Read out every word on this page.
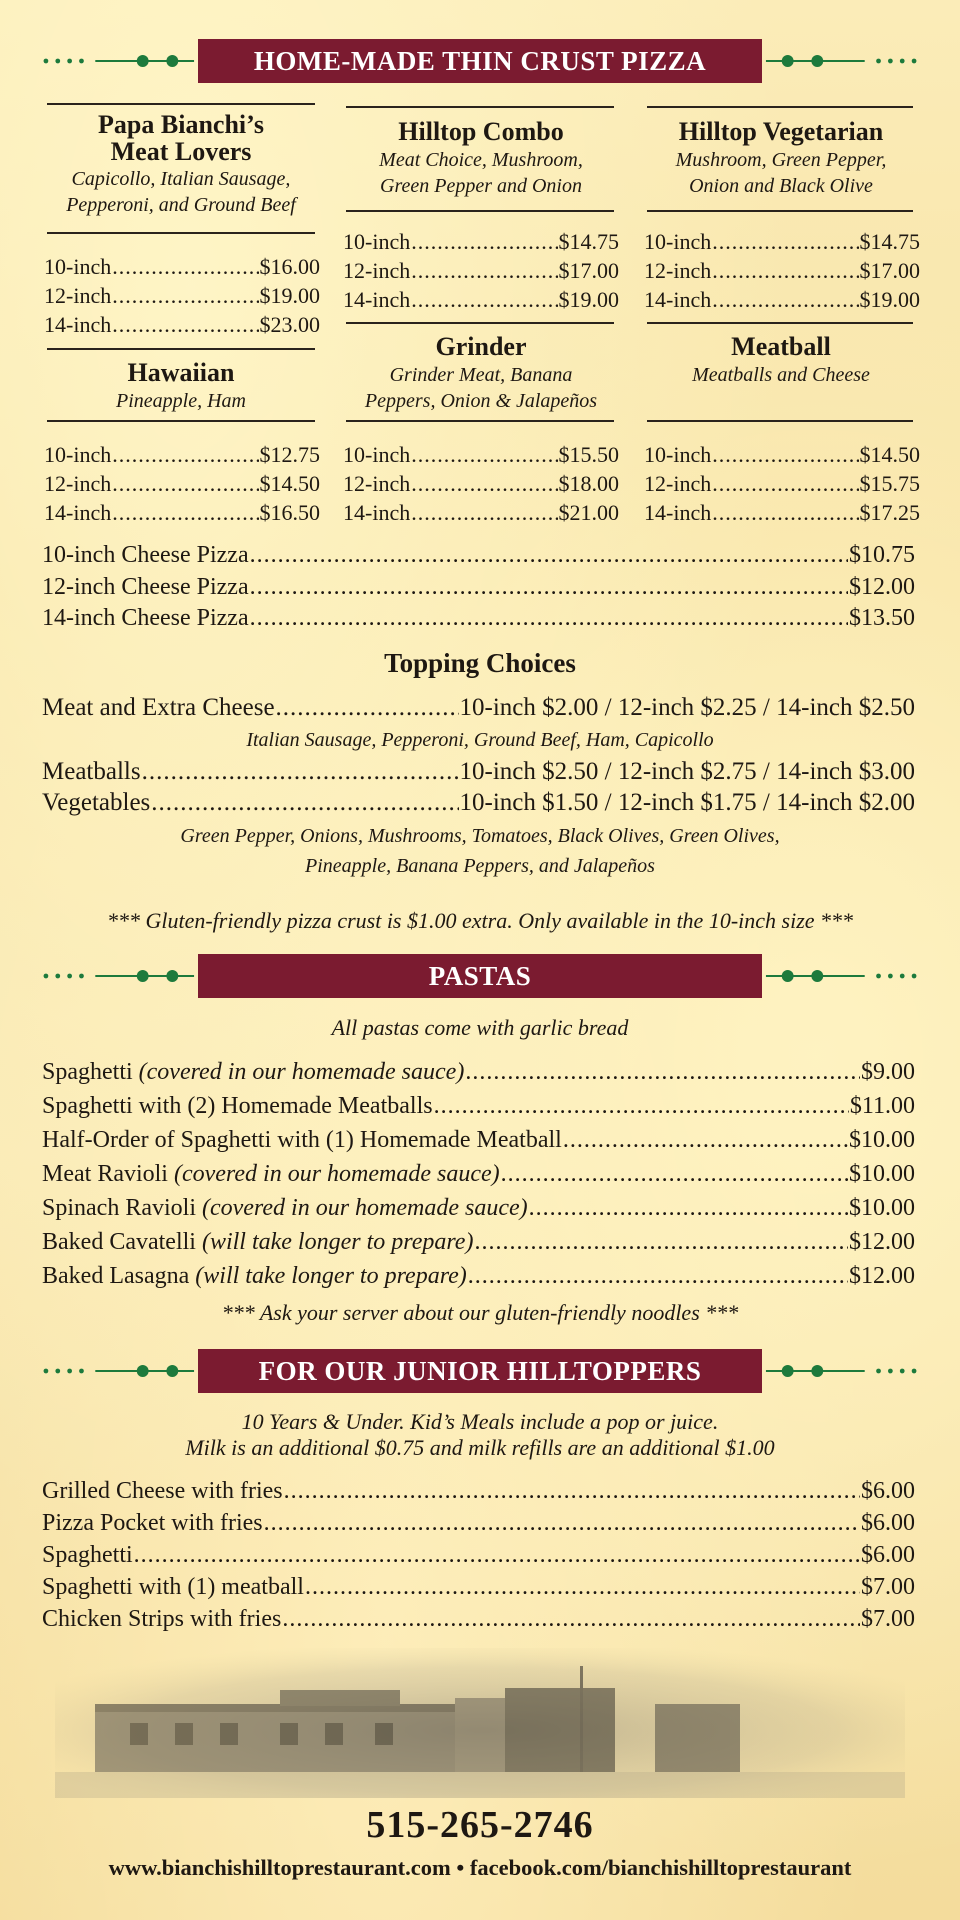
HOME-MADE THIN CRUST PIZZA
Papa Bianchi’s
Meat Lovers
Capicollo, Italian Sausage,
Pepperoni, and Ground Beef
10-inch .....	$16.00
12-inch .....	$19.00
14-inch .....	$23.00
Hilltop Combo
Meat Choice, Mushroom,
Green Pepper and Onion
10-inch .....	$14.75
12-inch .....	$17.00
14-inch .....	$19.00
Hilltop Vegetarian
Mushroom, Green Pepper,
Onion and Black Olive
10-inch .....	$14.75
12-inch .....	$17.00
14-inch .....	$19.00
Hawaiian
Pineapple, Ham
10-inch .....	$12.75
12-inch .....	$14.50
14-inch .....	$16.50
Grinder
Grinder Meat, Banana
Peppers, Onion & Jalapeños
10-inch .....	$15.50
12-inch .....	$18.00
14-inch .....	$21.00
Meatball
Meatballs and Cheese
10-inch .....	$14.50
12-inch .....	$15.75
14-inch .....	$17.25
10-inch Cheese Pizza .....	$10.75
12-inch Cheese Pizza .....	$12.00
14-inch Cheese Pizza .....	$13.50
Topping Choices
Meat and Extra Cheese .....	10-inch $2.00 / 12-inch $2.25 / 14-inch $2.50
Italian Sausage, Pepperoni, Ground Beef, Ham, Capicollo
Meatballs .....	10-inch $2.50 / 12-inch $2.75 / 14-inch $3.00
Vegetables .....	10-inch $1.50 / 12-inch $1.75 / 14-inch $2.00
Green Pepper, Onions, Mushrooms, Tomatoes, Black Olives, Green Olives,
Pineapple, Banana Peppers, and Jalapeños
*** Gluten-friendly pizza crust is $1.00 extra. Only available in the 10-inch size ***
PASTAS
All pastas come with garlic bread
Spaghetti (covered in our homemade sauce) .....	$9.00
Spaghetti with (2) Homemade Meatballs .....	$11.00
Half-Order of Spaghetti with (1) Homemade Meatball .....	$10.00
Meat Ravioli (covered in our homemade sauce) .....	$10.00
Spinach Ravioli (covered in our homemade sauce) .....	$10.00
Baked Cavatelli (will take longer to prepare) .....	$12.00
Baked Lasagna (will take longer to prepare) .....	$12.00
*** Ask your server about our gluten-friendly noodles ***
FOR OUR JUNIOR HILLTOPPERS
10 Years & Under. Kid’s Meals include a pop or juice.
Milk is an additional $0.75 and milk refills are an additional $1.00
Grilled Cheese with fries .....	$6.00
Pizza Pocket with fries .....	$6.00
Spaghetti .....	$6.00
Spaghetti with (1) meatball .....	$7.00
Chicken Strips with fries .....	$7.00
515-265-2746
www.bianchishilltoprestaurant.com • facebook.com/bianchishilltoprestaurant
